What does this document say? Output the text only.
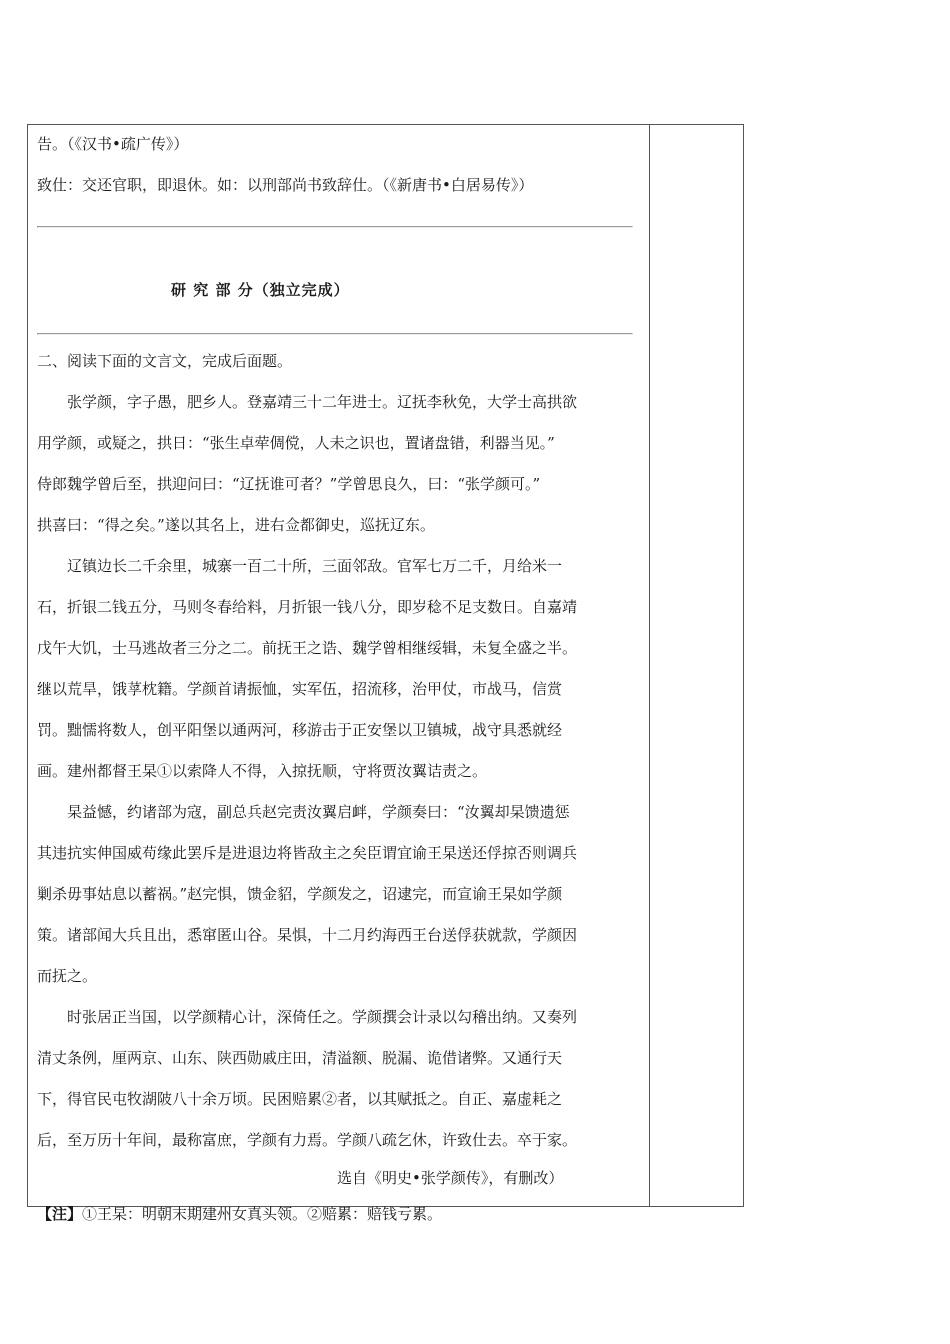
告。（《汉书•疏广传》）

致仕：交还官职，即退休。如：以刑部尚书致辞仕。（《新唐书•白居易传》）

研 究 部 分（独立完成）

二、阅读下面的文言文，完成后面题。

张学颜，字子愚，肥乡人。登嘉靖三十二年进士。辽抚李秋免，大学士高拱欲

用学颜，或疑之，拱日：“张生卓荦倜傥，人未之识也，置诸盘错，利器当见。”

侍郎魏学曾后至，拱迎问曰：“辽抚谁可者？”学曾思良久，曰：“张学颜可。”

拱喜曰：“得之矣。”遂以其名上，进右佥都御史，巡抚辽东。

辽镇边长二千余里，城寨一百二十所，三面邻敌。官军七万二千，月给米一

石，折银二钱五分，马则冬春给料，月折银一钱八分，即岁稔不足支数日。自嘉靖

戊午大饥，士马逃故者三分之二。前抚王之诰、魏学曾相继绥辑，未复全盛之半。

继以荒旱，饿莩枕籍。学颜首请振恤，实军伍，招流移，治甲仗，市战马，信赏

罚。黜懦将数人，创平阳堡以通两河，移游击于正安堡以卫镇城，战守具悉就经

画。建州都督王杲①以索降人不得，入掠抚顺，守将贾汝翼诘责之。

杲益憾，约诸部为寇，副总兵赵完责汝翼启衅，学颜奏曰：“汝翼却杲馈遗惩

其违抗实伸国威苟缘此罢斥是进退边将皆敌主之矣臣谓宜谕王杲送还俘掠否则调兵

剿杀毋事姑息以蓄祸。”赵完惧，馈金貂，学颜发之，诏逮完，而宣谕王杲如学颜

策。诸部闻大兵且出，悉窜匿山谷。杲惧，十二月约海西王台送俘获就款，学颜因

而抚之。

时张居正当国，以学颜精心计，深倚任之。学颜撰会计录以勾稽出纳。又奏列

清丈条例，厘两京、山东、陕西勋戚庄田，清溢额、脱漏、诡借诸弊。又通行天

下，得官民屯牧湖陂八十余万顷。民困赔累②者，以其赋抵之。自正、嘉虚耗之

后，至万历十年间，最称富庶，学颜有力焉。学颜八疏乞休，许致仕去。卒于家。

选自《明史•张学颜传》，有删改）

【注】①王杲：明朝末期建州女真头领。②赔累：赔钱亏累。
